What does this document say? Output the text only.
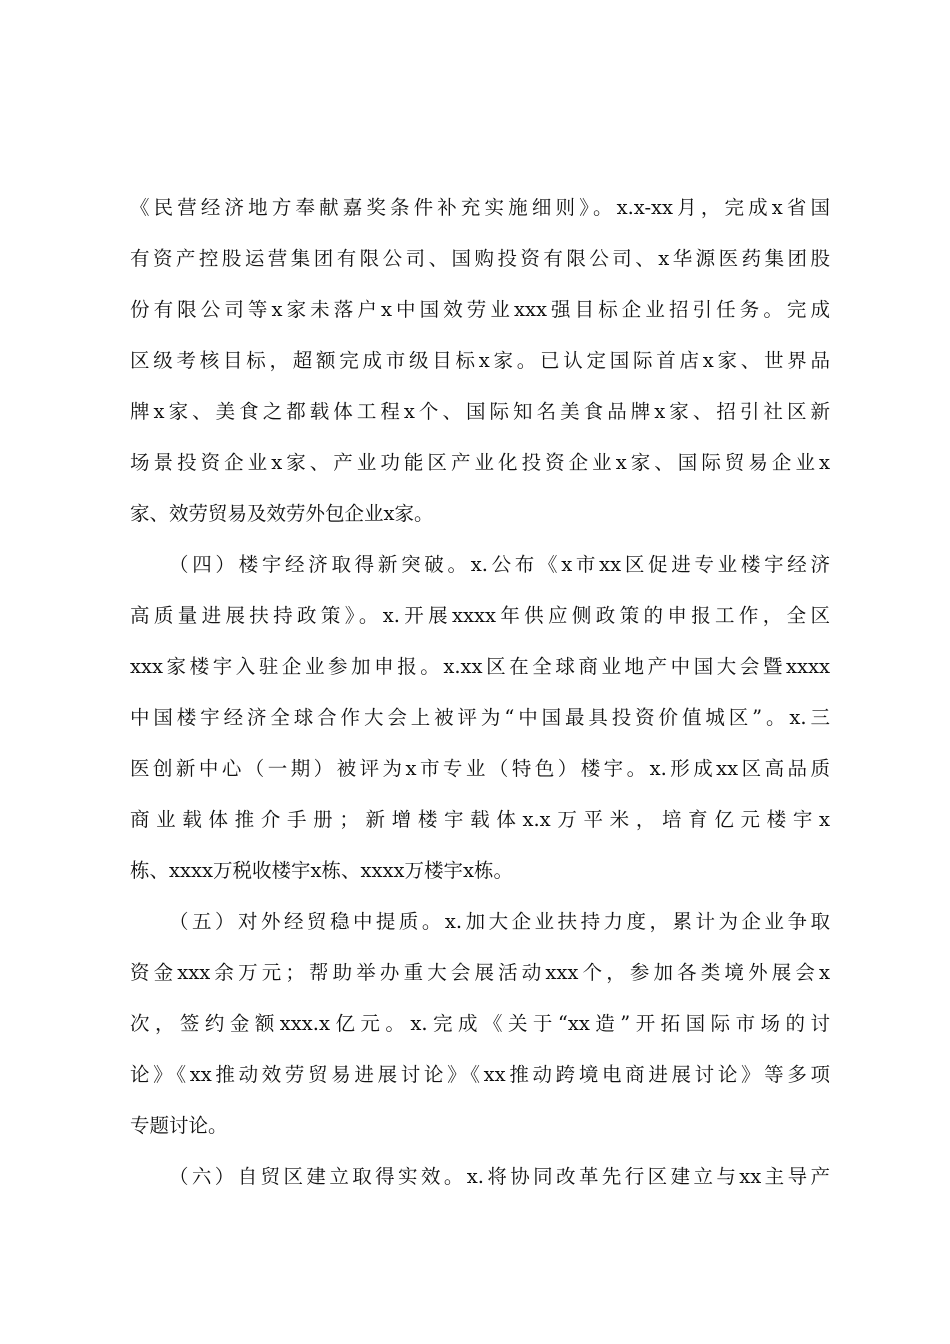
《民营经济地方奉献嘉奖条件补充实施细则》。x.x-xx月，完成x省国
有资产控股运营集团有限公司、国购投资有限公司、x华源医药集团股
份有限公司等x家未落户x中国效劳业xxx强目标企业招引任务。完成
区级考核目标，超额完成市级目标x家。已认定国际首店x家、世界品
牌x家、美食之都载体工程x个、国际知名美食品牌x家、招引社区新
场景投资企业x家、产业功能区产业化投资企业x家、国际贸易企业x
家、效劳贸易及效劳外包企业x家。
（四）楼宇经济取得新突破。x.公布《x市xx区促进专业楼宇经济
高质量进展扶持政策》。x.开展xxxx年供应侧政策的申报工作，全区
xxx家楼宇入驻企业参加申报。x.xx区在全球商业地产中国大会暨xxxx
中国楼宇经济全球合作大会上被评为“中国最具投资价值城区”。x.三
医创新中心（一期）被评为x市专业（特色）楼宇。x.形成xx区高品质
商业载体推介手册；新增楼宇载体x.x万平米，培育亿元楼宇x
栋、xxxx万税收楼宇x栋、xxxx万楼宇x栋。
（五）对外经贸稳中提质。x.加大企业扶持力度，累计为企业争取
资金xxx余万元；帮助举办重大会展活动xxx个，参加各类境外展会x
次，签约金额xxx.x亿元。x.完成《关于“xx造”开拓国际市场的讨
论》《xx推动效劳贸易进展讨论》《xx推动跨境电商进展讨论》等多项
专题讨论。
（六）自贸区建立取得实效。x.将协同改革先行区建立与xx主导产
